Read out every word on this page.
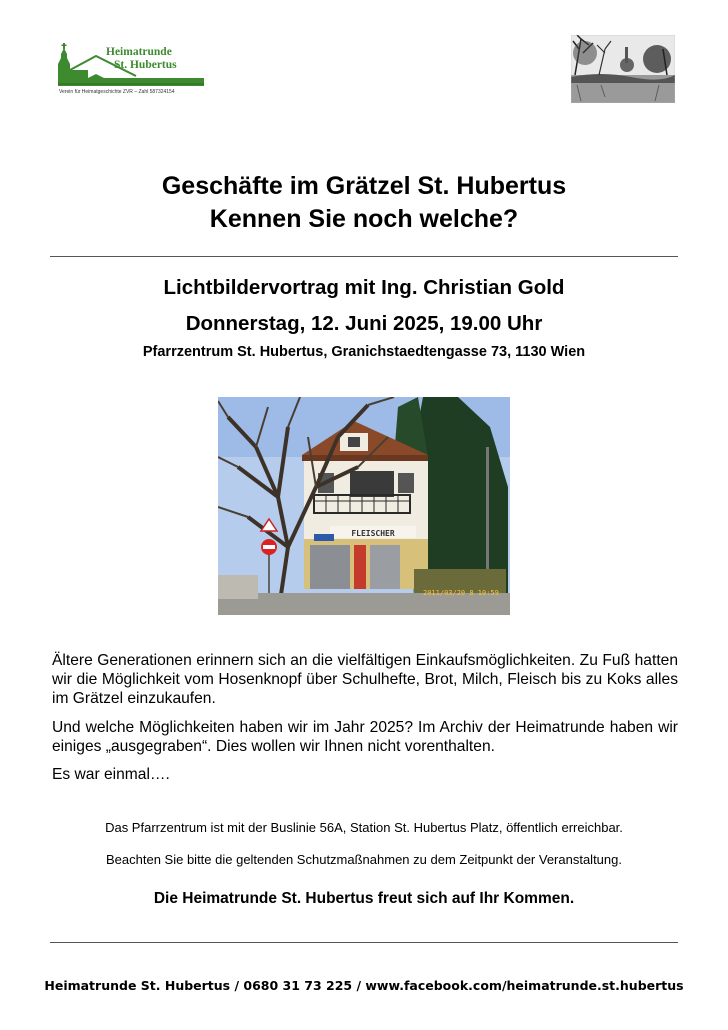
Heimatrunde
St. Hubertus
Verein für Heimatgeschichte ZVR – Zahl 587324154
Geschäfte im Grätzel St. Hubertus
Kennen Sie noch welche?
Lichtbildervortrag mit Ing. Christian Gold
Donnerstag, 12. Juni 2025, 19.00 Uhr
Pfarrzentrum St. Hubertus, Granichstaedtengasse 73, 1130 Wien
FLEISCHER
2011/03/20 8 10:59
Ältere Generationen erinnern sich an die vielfältigen Einkaufsmöglichkeiten. Zu Fuß hatten wir die Möglichkeit vom Hosenknopf über Schulhefte, Brot, Milch, Fleisch bis zu Koks alles im Grätzel einzukaufen.
Und welche Möglichkeiten haben wir im Jahr 2025? Im Archiv der Heimatrunde haben wir einiges „ausgegraben“. Dies wollen wir Ihnen nicht vorenthalten.
Es war einmal….
Das Pfarrzentrum ist mit der Buslinie 56A, Station St. Hubertus Platz, öffentlich erreichbar.
Beachten Sie bitte die geltenden Schutzmaßnahmen zu dem Zeitpunkt der Veranstaltung.
Die Heimatrunde St. Hubertus freut sich auf Ihr Kommen.
Heimatrunde St. Hubertus / 0680 31 73 225 / www.facebook.com/heimatrunde.st.hubertus
